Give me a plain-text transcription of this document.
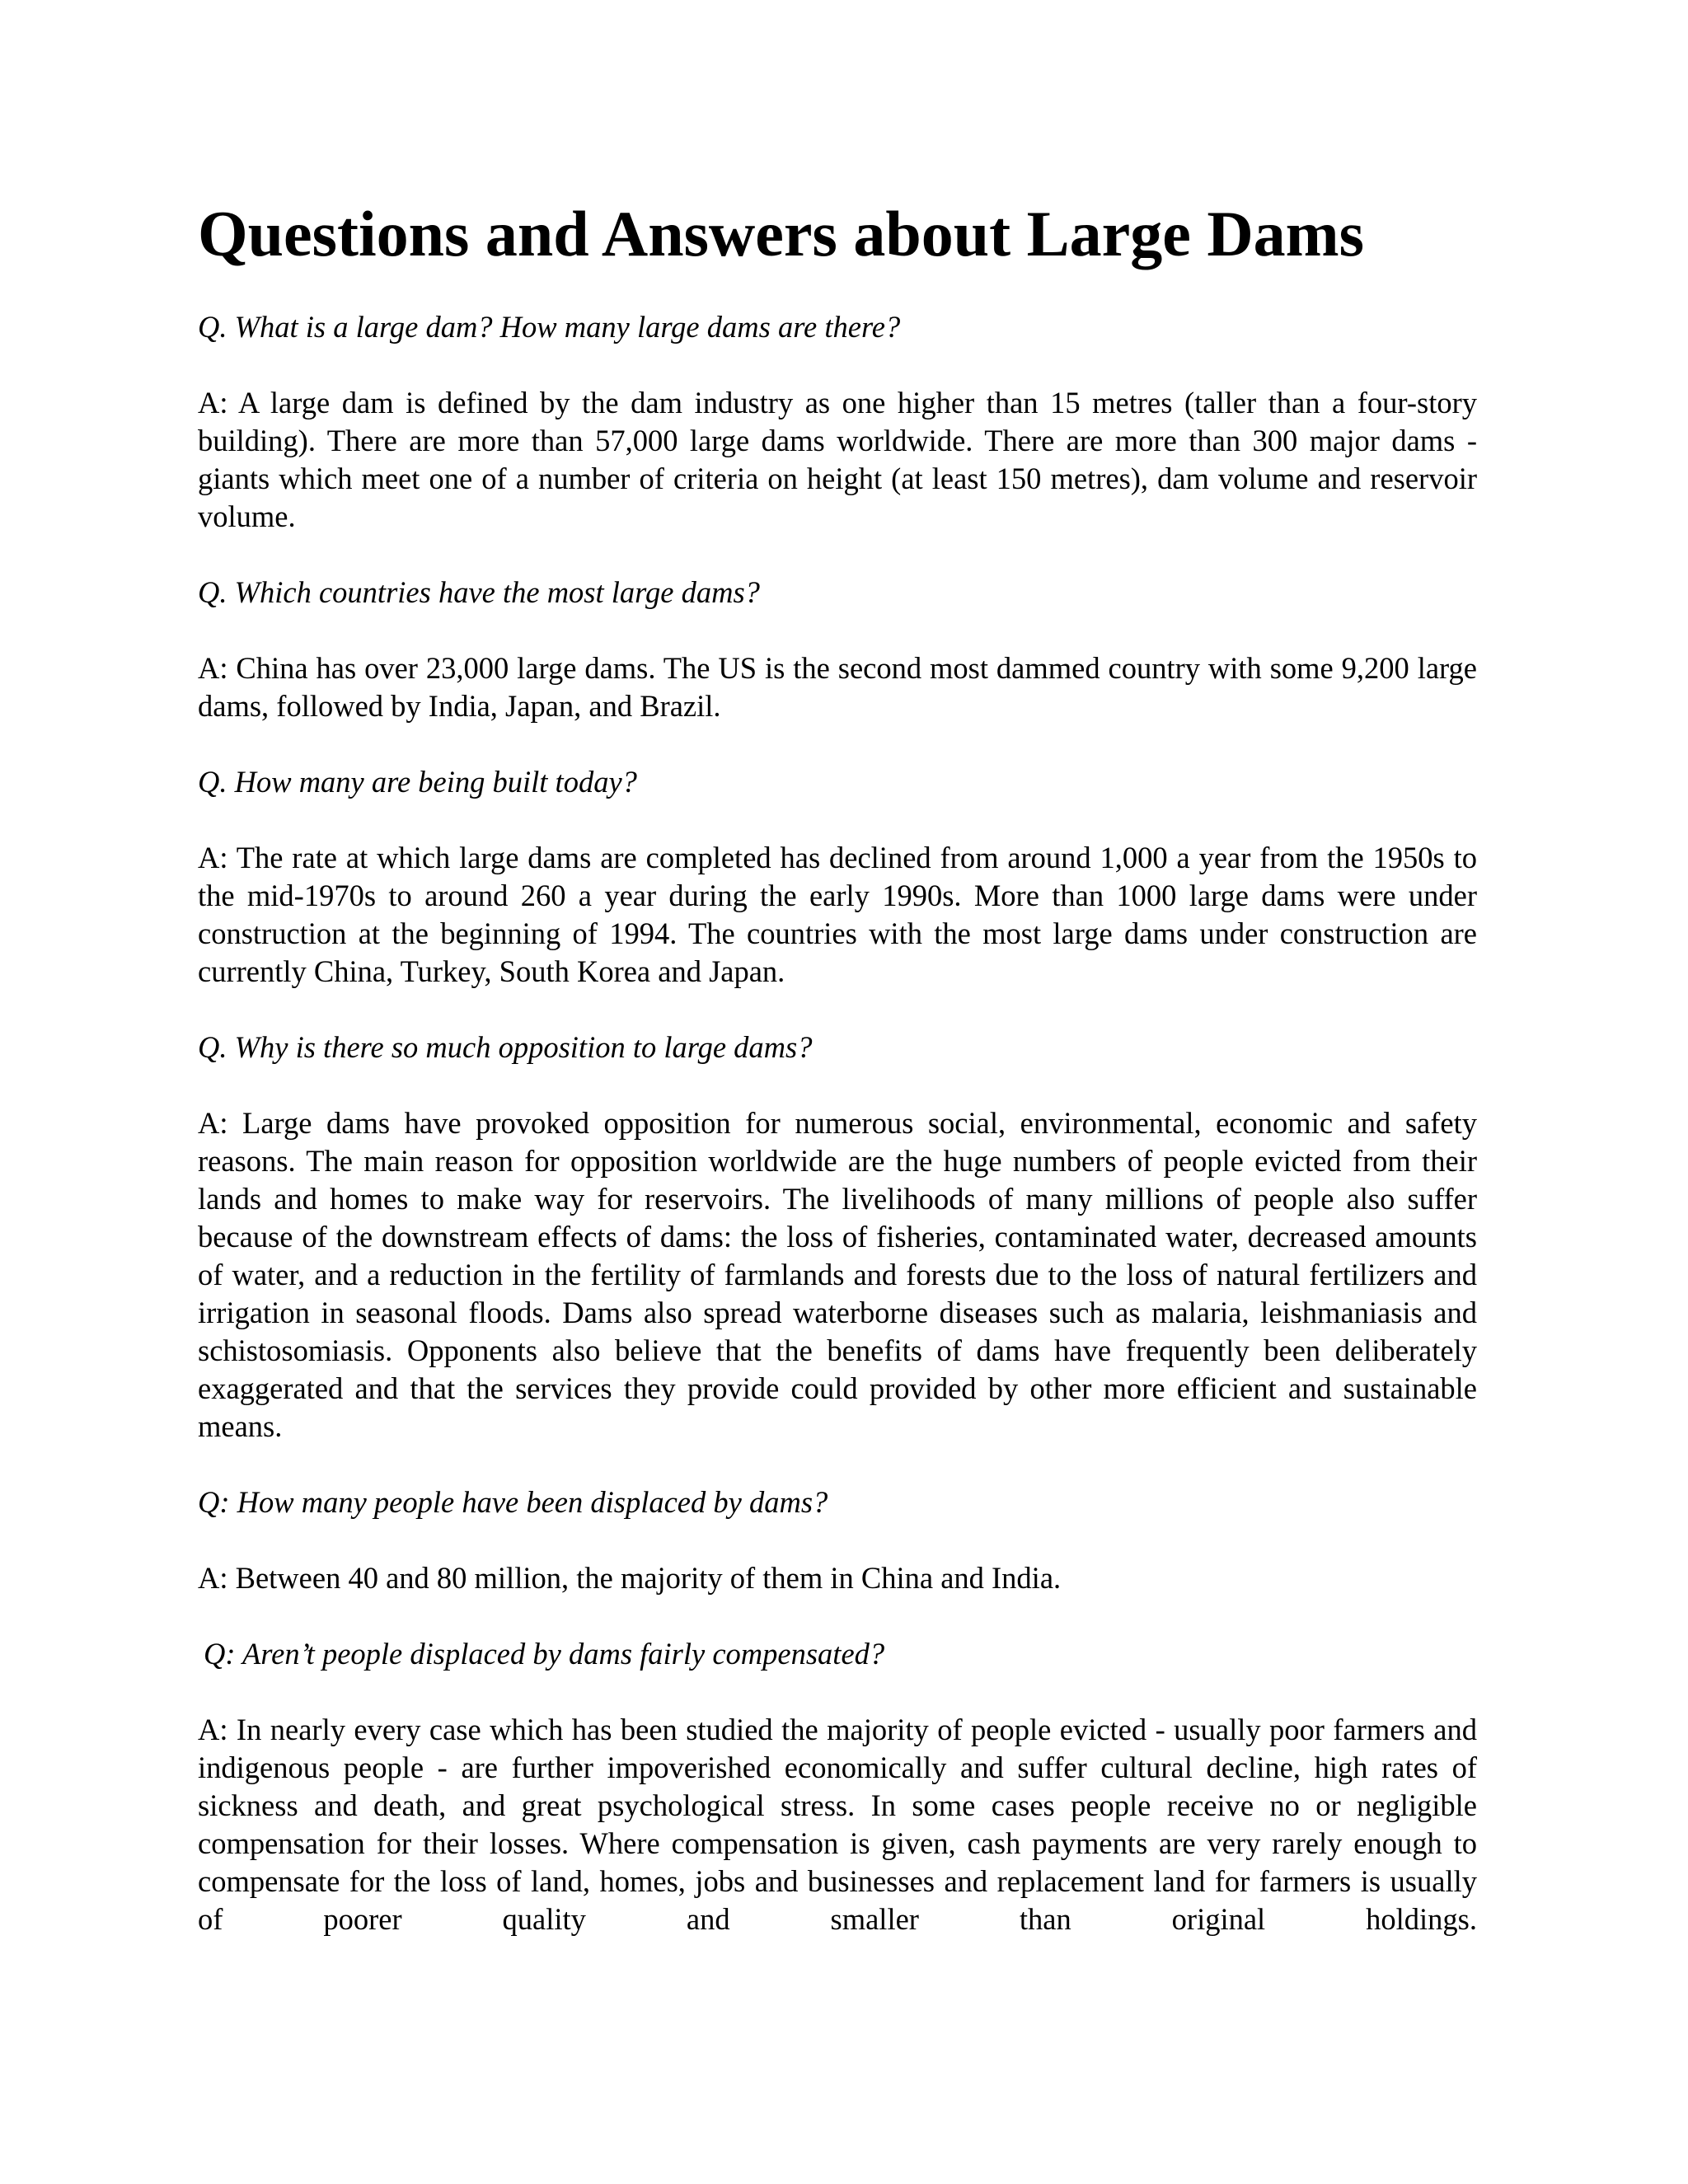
Questions and Answers about Large Dams

Q. What is a large dam? How many large dams are there?

A: A large dam is defined by the dam industry as one higher than 15 metres (taller than a four-story building). There are more than 57,000 large dams worldwide. There are more than 300 major dams - giants which meet one of a number of criteria on height (at least 150 metres), dam volume and reservoir volume.

Q. Which countries have the most large dams?

A: China has over 23,000 large dams. The US is the second most dammed country with some 9,200 large dams, followed by India, Japan, and Brazil.

Q. How many are being built today?

A: The rate at which large dams are completed has declined from around 1,000 a year from the 1950s to the mid-1970s to around 260 a year during the early 1990s. More than 1000 large dams were under construction at the beginning of 1994. The countries with the most large dams under construction are currently China, Turkey, South Korea and Japan.

Q. Why is there so much opposition to large dams?

A: Large dams have provoked opposition for numerous social, environmental, economic and safety reasons. The main reason for opposition worldwide are the huge numbers of people evicted from their lands and homes to make way for reservoirs. The livelihoods of many millions of people also suffer because of the downstream effects of dams: the loss of fisheries, contaminated water, decreased amounts of water, and a reduction in the fertility of farmlands and forests due to the loss of natural fertilizers and irrigation in seasonal floods. Dams also spread waterborne diseases such as malaria, leishmaniasis and schistosomiasis. Opponents also believe that the benefits of dams have frequently been deliberately exaggerated and that the services they provide could provided by other more efficient and sustainable means.

Q: How many people have been displaced by dams?

A: Between 40 and 80 million, the majority of them in China and India.

Q: Aren’t people displaced by dams fairly compensated?

A: In nearly every case which has been studied the majority of people evicted - usually poor farmers and indigenous people - are further impoverished economically and suffer cultural decline, high rates of sickness and death, and great psychological stress. In some cases people receive no or negligible compensation for their losses. Where compensation is given, cash payments are very rarely enough to compensate for the loss of land, homes, jobs and businesses and replacement land for farmers is usually of poorer quality and smaller than original holdings.
